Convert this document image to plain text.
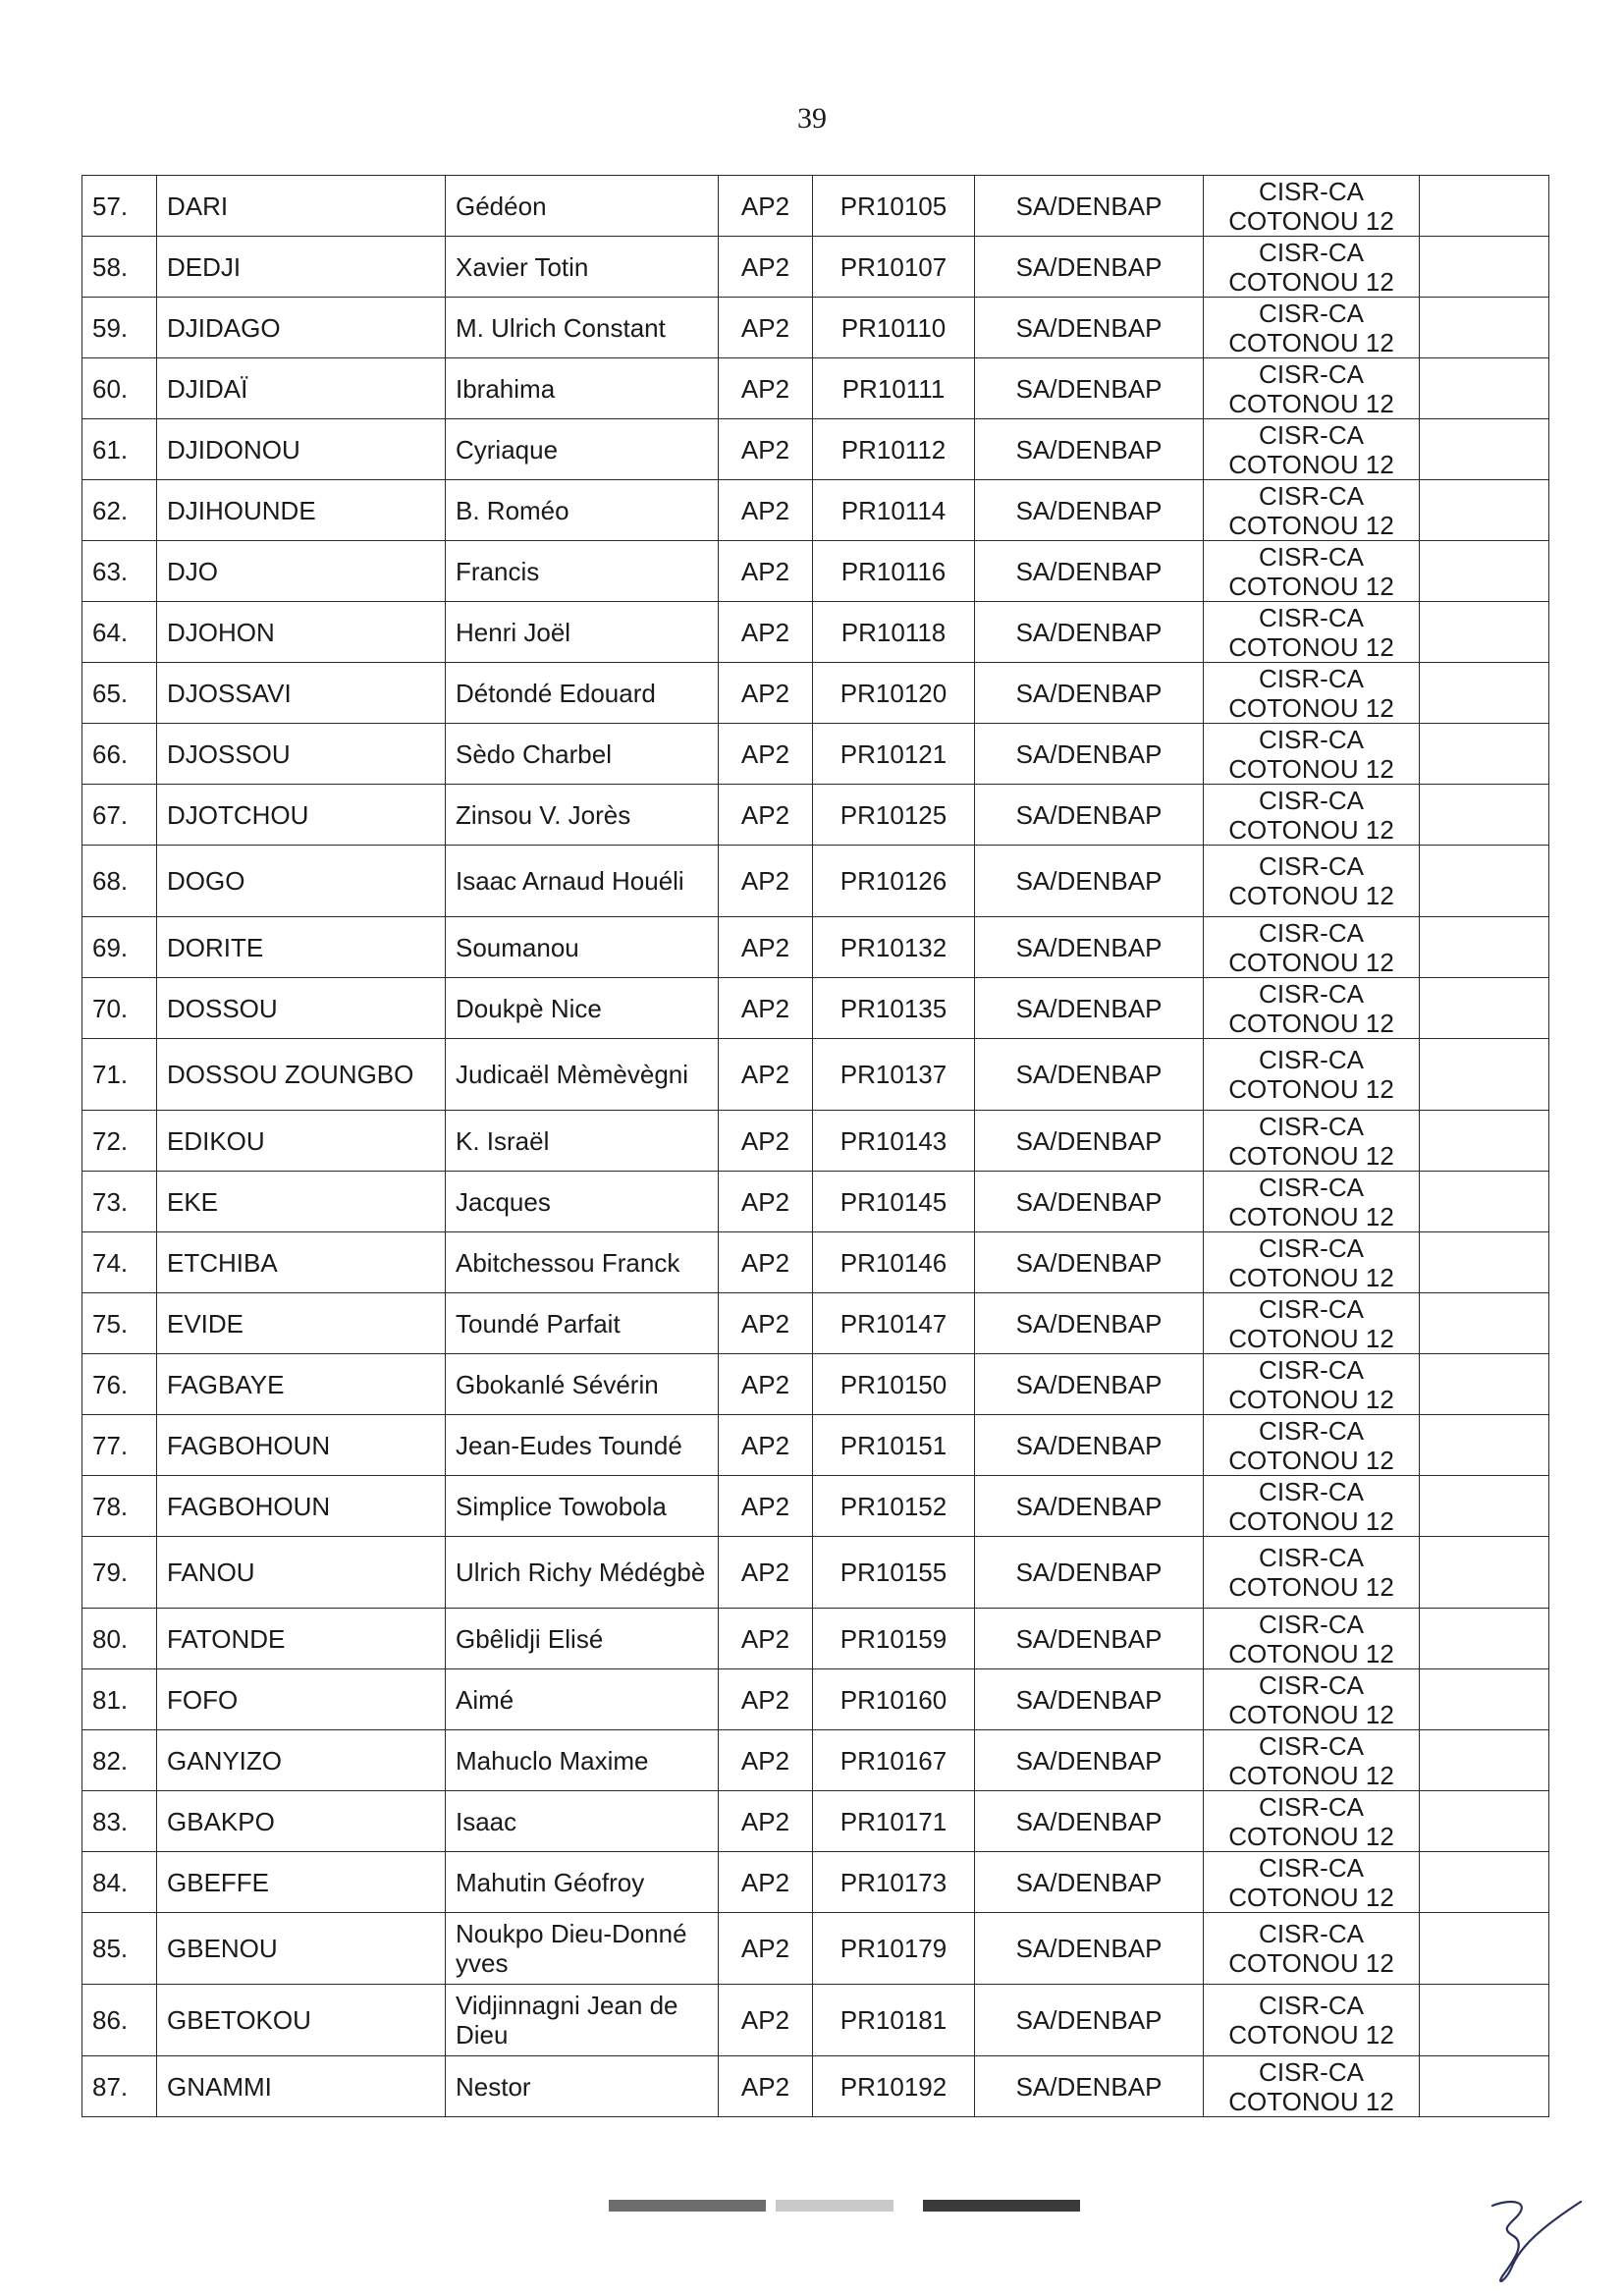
39
57.	DARI	Gédéon	AP2	PR10105	SA/DENBAP	CISR-CA
COTONOU 12	

58.	DEDJI	Xavier Totin	AP2	PR10107	SA/DENBAP	CISR-CA
COTONOU 12	

59.	DJIDAGO	M. Ulrich Constant	AP2	PR10110	SA/DENBAP	CISR-CA
COTONOU 12	

60.	DJIDAÏ	Ibrahima	AP2	PR10111	SA/DENBAP	CISR-CA
COTONOU 12	

61.	DJIDONOU	Cyriaque	AP2	PR10112	SA/DENBAP	CISR-CA
COTONOU 12	

62.	DJIHOUNDE	B. Roméo	AP2	PR10114	SA/DENBAP	CISR-CA
COTONOU 12	

63.	DJO	Francis	AP2	PR10116	SA/DENBAP	CISR-CA
COTONOU 12	

64.	DJOHON	Henri Joël	AP2	PR10118	SA/DENBAP	CISR-CA
COTONOU 12	

65.	DJOSSAVI	Détondé Edouard	AP2	PR10120	SA/DENBAP	CISR-CA
COTONOU 12	

66.	DJOSSOU	Sèdo Charbel	AP2	PR10121	SA/DENBAP	CISR-CA
COTONOU 12	

67.	DJOTCHOU	Zinsou V. Jorès	AP2	PR10125	SA/DENBAP	CISR-CA
COTONOU 12	

68.	DOGO	Isaac Arnaud Houéli	AP2	PR10126	SA/DENBAP	CISR-CA
COTONOU 12	

69.	DORITE	Soumanou	AP2	PR10132	SA/DENBAP	CISR-CA
COTONOU 12	

70.	DOSSOU	Doukpè Nice	AP2	PR10135	SA/DENBAP	CISR-CA
COTONOU 12	

71.	DOSSOU ZOUNGBO	Judicaël Mèmèvègni	AP2	PR10137	SA/DENBAP	CISR-CA
COTONOU 12	

72.	EDIKOU	K. Israël	AP2	PR10143	SA/DENBAP	CISR-CA
COTONOU 12	

73.	EKE	Jacques	AP2	PR10145	SA/DENBAP	CISR-CA
COTONOU 12	

74.	ETCHIBA	Abitchessou Franck	AP2	PR10146	SA/DENBAP	CISR-CA
COTONOU 12	

75.	EVIDE	Toundé Parfait	AP2	PR10147	SA/DENBAP	CISR-CA
COTONOU 12	

76.	FAGBAYE	Gbokanlé Sévérin	AP2	PR10150	SA/DENBAP	CISR-CA
COTONOU 12	

77.	FAGBOHOUN	Jean-Eudes Toundé	AP2	PR10151	SA/DENBAP	CISR-CA
COTONOU 12	

78.	FAGBOHOUN	Simplice Towobola	AP2	PR10152	SA/DENBAP	CISR-CA
COTONOU 12	

79.	FANOU	Ulrich Richy Médégbè	AP2	PR10155	SA/DENBAP	CISR-CA
COTONOU 12	

80.	FATONDE	Gbêlidji Elisé	AP2	PR10159	SA/DENBAP	CISR-CA
COTONOU 12	

81.	FOFO	Aimé	AP2	PR10160	SA/DENBAP	CISR-CA
COTONOU 12	

82.	GANYIZO	Mahuclo Maxime	AP2	PR10167	SA/DENBAP	CISR-CA
COTONOU 12	

83.	GBAKPO	Isaac	AP2	PR10171	SA/DENBAP	CISR-CA
COTONOU 12	

84.	GBEFFE	Mahutin Géofroy	AP2	PR10173	SA/DENBAP	CISR-CA
COTONOU 12	

85.	GBENOU	Noukpo Dieu-Donné yves	AP2	PR10179	SA/DENBAP	CISR-CA
COTONOU 12	

86.	GBETOKOU	Vidjinnagni Jean de Dieu	AP2	PR10181	SA/DENBAP	CISR-CA
COTONOU 12	

87.	GNAMMI	Nestor	AP2	PR10192	SA/DENBAP	CISR-CA
COTONOU 12	
